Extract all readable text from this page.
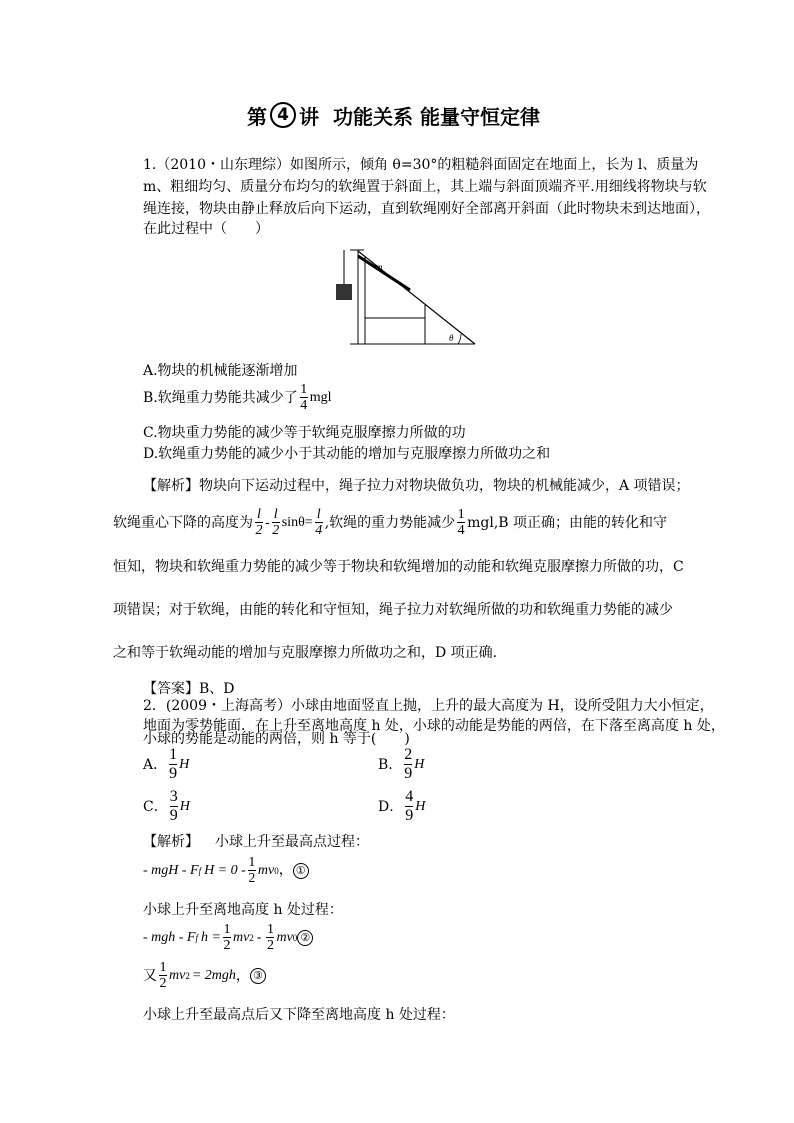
第 4 讲 功能关系 能量守恒定律
1.（2010・山东理综）如图所示，倾角 θ=30°的粗糙斜面固定在地面上，长为 l、质量为
m、粗细均匀、质量分布均匀的软绳置于斜面上，其上端与斜面顶端齐平.用细线将物块与软
绳连接，物块由静止释放后向下运动，直到软绳刚好全部离开斜面（此时物块未到达地面），
在此过程中（　　）
m
θ
A.物块的机械能逐渐增加
B.软绳重力势能共减少了 $\frac{1}{4}$ mgl
C.物块重力势能的减少等于软绳克服摩擦力所做的功
D.软绳重力势能的减少小于其动能的增加与克服摩擦力所做功之和
【解析】物块向下运动过程中，绳子拉力对物块做负功，物块的机械能减少，A 项错误；
软绳重心下降的高度为 $\frac{l}{2} - \frac{l}{2} \sin\theta= \frac{l}{4}$ ,软绳的重力势能减少 $\frac{1}{4} mgl,B$ 项正确；由能的转化和守
恒知，物块和软绳重力势能的减少等于物块和软绳增加的动能和软绳克服摩擦力所做的功，C
项错误；对于软绳，由能的转化和守恒知，绳子拉力对软绳所做的功和软绳重力势能的减少
之和等于软绳动能的增加与克服摩擦力所做功之和，D 项正确.
【答案】B、D
2．(2009・上海高考）小球由地面竖直上抛，上升的最大高度为 H，设所受阻力大小恒定，
地面为零势能面．在上升至离地高度 h 处，小球的动能是势能的两倍，在下落至离高度 h 处，
小球的势能是动能的两倍，则 h 等于(　　)
A． $\frac{1}{9}$ H	B． $\frac{2}{9}$ H
C． $\frac{3}{9}$ H	D． $\frac{4}{9}$ H
【解析】 小球上升至最高点过程：
- mgH - F f $H = 0 - \frac{1}{2}$ mv 0 ， ①
小球上升至离地高度 h 处过程：
- mgh - F f $h = \frac{1}{2}$ mv $2 - \frac{1}{2}$ mv 0 ②
又 $\frac{1}{2}$ mv 2 = 2mgh ， ③
小球上升至最高点后又下降至离地高度 h 处过程：
